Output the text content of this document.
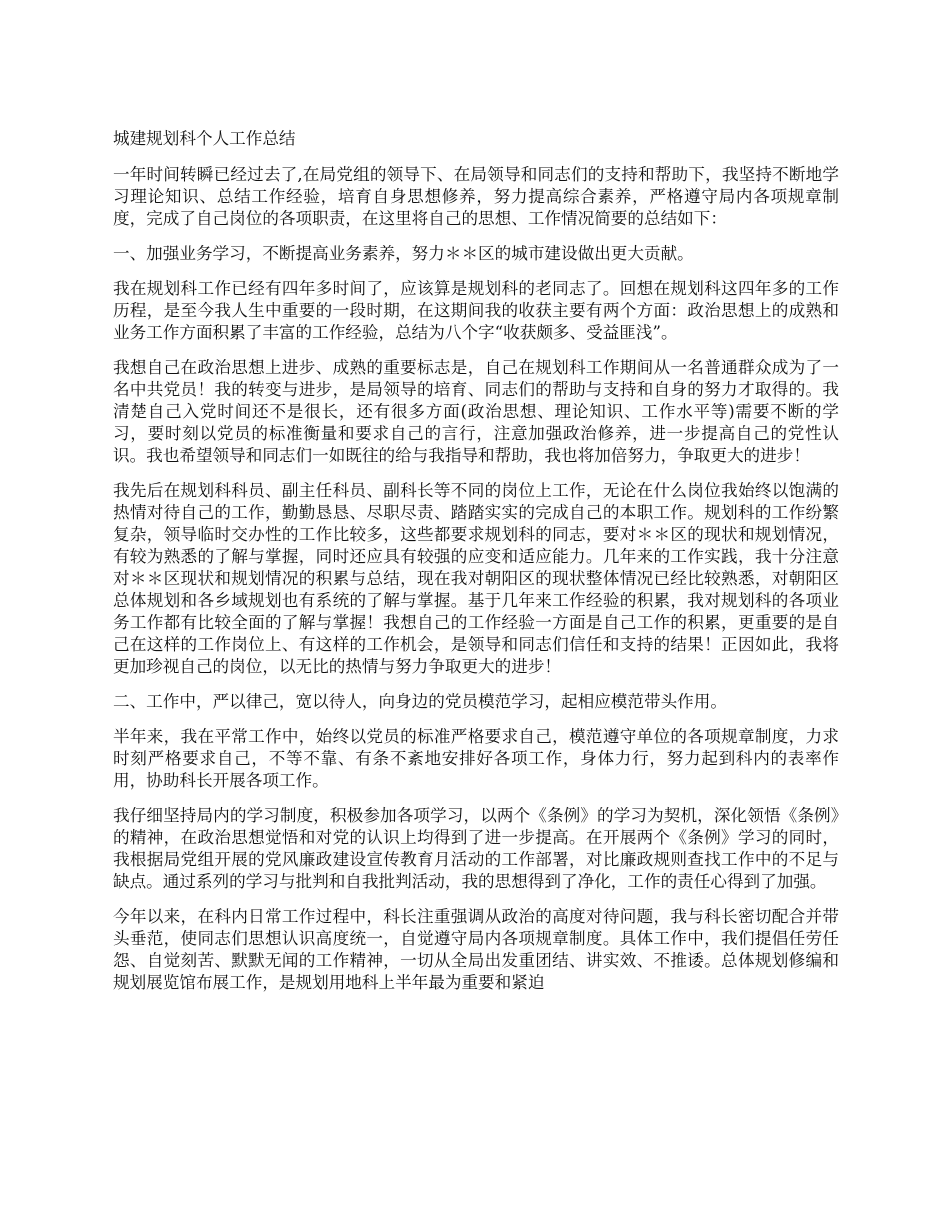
城建规划科个人工作总结

一年时间转瞬已经过去了,在局党组的领导下、在局领导和同志们的支持和帮助下，我坚持不断地学习理论知识、总结工作经验，培育自身思想修养，努力提高综合素养，严格遵守局内各项规章制度，完成了自己岗位的各项职责，在这里将自己的思想、工作情况简要的总结如下：

一、加强业务学习，不断提高业务素养，努力＊＊区的城市建设做出更大贡献。

我在规划科工作已经有四年多时间了，应该算是规划科的老同志了。回想在规划科这四年多的工作历程，是至今我人生中重要的一段时期，在这期间我的收获主要有两个方面：政治思想上的成熟和业务工作方面积累了丰富的工作经验，总结为八个字“收获颇多、受益匪浅”。

我想自己在政治思想上进步、成熟的重要标志是，自己在规划科工作期间从一名普通群众成为了一名中共党员！我的转变与进步，是局领导的培育、同志们的帮助与支持和自身的努力才取得的。我清楚自己入党时间还不是很长，还有很多方面(政治思想、理论知识、工作水平等)需要不断的学习，要时刻以党员的标准衡量和要求自己的言行，注意加强政治修养，进一步提高自己的党性认识。我也希望领导和同志们一如既往的给与我指导和帮助，我也将加倍努力，争取更大的进步！

我先后在规划科科员、副主任科员、副科长等不同的岗位上工作，无论在什么岗位我始终以饱满的热情对待自己的工作，勤勤恳恳、尽职尽责、踏踏实实的完成自己的本职工作。规划科的工作纷繁复杂，领导临时交办性的工作比较多，这些都要求规划科的同志，要对＊＊区的现状和规划情况，有较为熟悉的了解与掌握，同时还应具有较强的应变和适应能力。几年来的工作实践，我十分注意对＊＊区现状和规划情况的积累与总结，现在我对朝阳区的现状整体情况已经比较熟悉，对朝阳区总体规划和各乡域规划也有系统的了解与掌握。基于几年来工作经验的积累，我对规划科的各项业务工作都有比较全面的了解与掌握！我想自己的工作经验一方面是自己工作的积累，更重要的是自己在这样的工作岗位上、有这样的工作机会，是领导和同志们信任和支持的结果！正因如此，我将更加珍视自己的岗位，以无比的热情与努力争取更大的进步！

二、工作中，严以律己，宽以待人，向身边的党员模范学习，起相应模范带头作用。

半年来，我在平常工作中，始终以党员的标准严格要求自己，模范遵守单位的各项规章制度，力求时刻严格要求自己，不等不靠、有条不紊地安排好各项工作，身体力行，努力起到科内的表率作用，协助科长开展各项工作。

我仔细坚持局内的学习制度，积极参加各项学习，以两个《条例》的学习为契机，深化领悟《条例》的精神，在政治思想觉悟和对党的认识上均得到了进一步提高。在开展两个《条例》学习的同时，我根据局党组开展的党风廉政建设宣传教育月活动的工作部署，对比廉政规则查找工作中的不足与缺点。通过系列的学习与批判和自我批判活动，我的思想得到了净化，工作的责任心得到了加强。

今年以来，在科内日常工作过程中，科长注重强调从政治的高度对待问题，我与科长密切配合并带头垂范，使同志们思想认识高度统一，自觉遵守局内各项规章制度。具体工作中，我们提倡任劳任怨、自觉刻苦、默默无闻的工作精神，一切从全局出发重团结、讲实效、不推诿。总体规划修编和规划展览馆布展工作，是规划用地科上半年最为重要和紧迫
